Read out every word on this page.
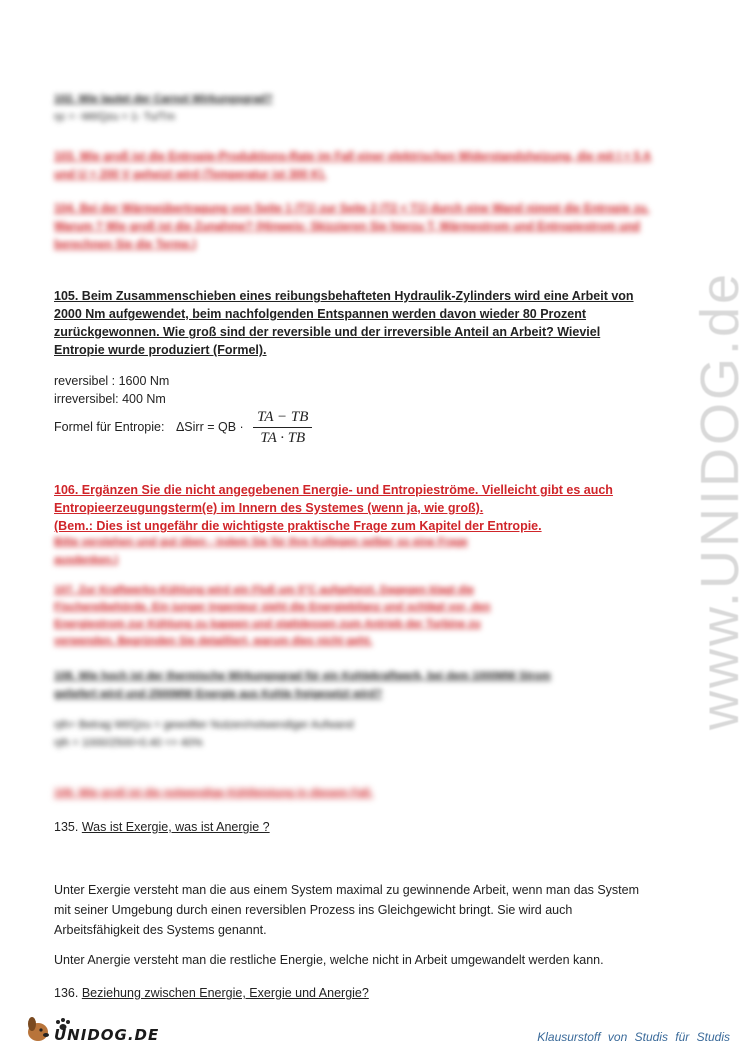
www.UNIDOG.de
102. Wie lautet der Carnot Wirkungsgrad?
ηc = -Wt/Qzu = 1- Tu/Tm
103. Wie groß ist die Entropie-Produktions-Rate im Fall einer elektrischen Widerstandsheizung, die mit I = 5 A und U = 200 V geheizt wird (Temperatur ist 300 K).
104. Bei der Wärmeübertragung von Seite 1 (T1) zur Seite 2 (T2 < T1) durch eine Wand nimmt die Entropie zu. Warum ? Wie groß ist die Zunahme? (Hinweis: Skizzieren Sie hierzu T, Wärmestrom und Entropiestrom und berechnen Sie die Terme.)
105. Beim Zusammenschieben eines reibungsbehafteten Hydraulik-Zylinders wird eine Arbeit von 2000 Nm aufgewendet, beim nachfolgenden Entspannen werden davon wieder 80 Prozent zurückgewonnen. Wie groß sind der reversible und der irreversible Anteil an Arbeit? Wieviel Entropie wurde produziert (Formel).
reversibel : 1600 Nm
irreversibel: 400 Nm
Formel für Entropie: ΔSirr = QB · $\frac{TA - TB}{TA \cdot TB}$
106. Ergänzen Sie die nicht angegebenen Energie- und Entropieströme. Vielleicht gibt es auch
Entropieerzeugungsterm(e) im Innern des Systemes (wenn ja, wie groß).
(Bem.: Dies ist ungefähr die wichtigste praktische Frage zum Kapitel der Entropie.
Bitte verstehen und gut üben - indem Sie für Ihre Kollegen selber so eine Frage ausdenken.)
107. Zur Kraftwerks-Kühlung wird ein Fluß um 5°C aufgeheizt. Dagegen klagt die Fischereibehörde. Ein junger Ingenieur sieht die Energiebilanz und schlägt vor, den Energiestrom zur Kühlung zu kappen und stattdessen zum Antrieb der Turbine zu verwenden. Begründen Sie detailliert, warum dies nicht geht.
108. Wie hoch ist der thermische Wirkungsgrad für ein Kohlekraftwerk, bei dem 1000MW Strom geliefert wird und 2500MW Energie aus Kohle freigesetzt wird?
ηth= Betrag Wt/Qzu = gewollter Nutzen/notwendiger Aufwand
ηth = 1000/2500=0.40 => 40%
109. Wie groß ist die notwendige Kühlleistung in diesem Fall.
135. Was ist Exergie, was ist Anergie ?
Unter Exergie versteht man die aus einem System maximal zu gewinnende Arbeit, wenn man das System mit seiner Umgebung durch einen reversiblen Prozess ins Gleichgewicht bringt. Sie wird auch Arbeitsfähigkeit des Systems genannt.
Unter Anergie versteht man die restliche Energie, welche nicht in Arbeit umgewandelt werden kann.
136. Beziehung zwischen Energie, Exergie und Anergie?
UNIDOG.DE	Klausurstoff von Studis für Studis
